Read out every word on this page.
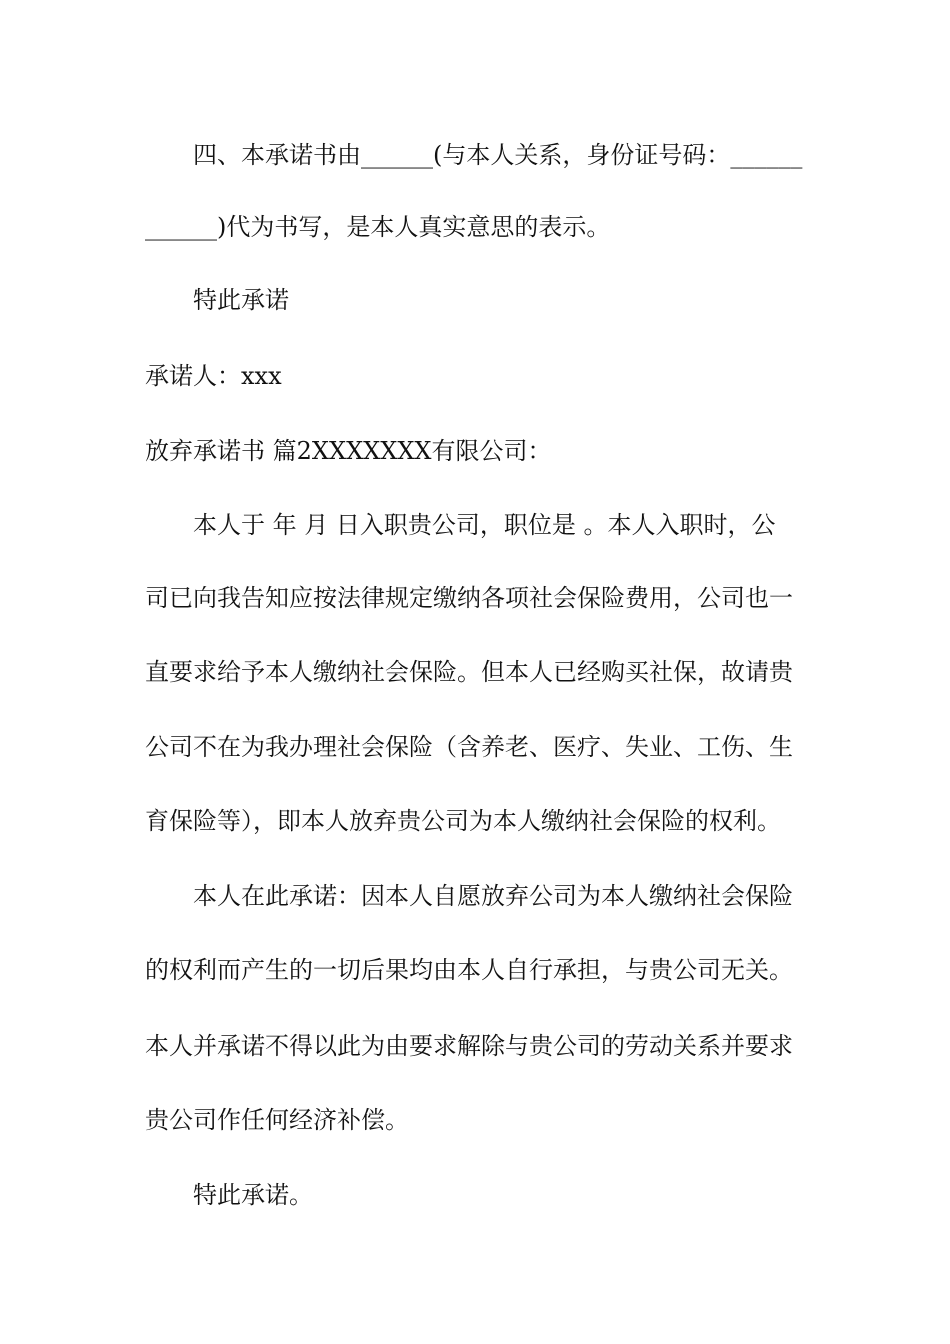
四、本承诺书由______(与本人关系，身份证号码：______
______)代为书写，是本人真实意思的表示。
特此承诺
承诺人：xxx
放弃承诺书 篇2XXXXXXX有限公司：
本人于 年 月 日入职贵公司，职位是 。本人入职时，公
司已向我告知应按法律规定缴纳各项社会保险费用，公司也一
直要求给予本人缴纳社会保险。但本人已经购买社保，故请贵
公司不在为我办理社会保险（含养老、医疗、失业、工伤、生
育保险等），即本人放弃贵公司为本人缴纳社会保险的权利。
本人在此承诺：因本人自愿放弃公司为本人缴纳社会保险
的权利而产生的一切后果均由本人自行承担，与贵公司无关。
本人并承诺不得以此为由要求解除与贵公司的劳动关系并要求
贵公司作任何经济补偿。
特此承诺。
